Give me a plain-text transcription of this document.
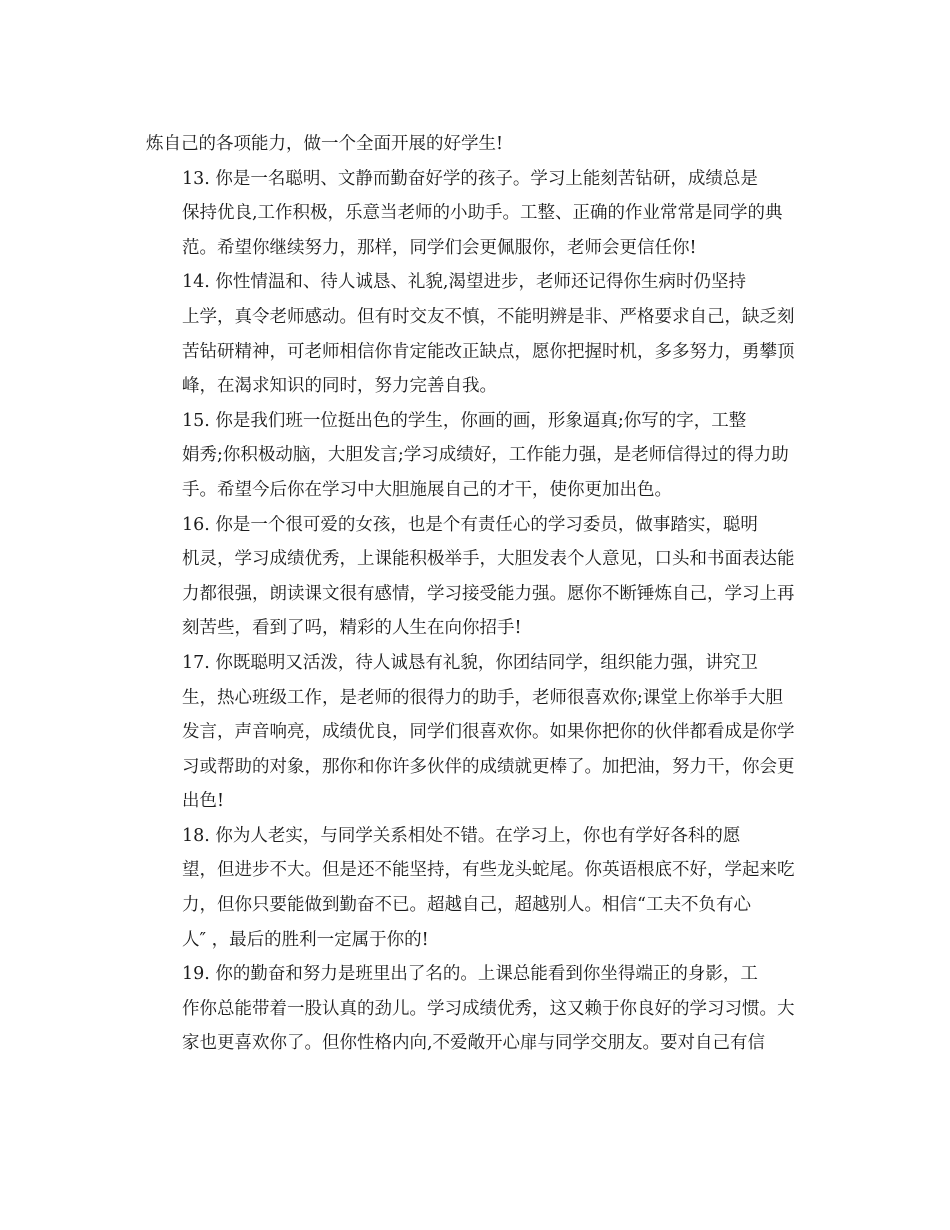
炼自己的各项能力，做一个全面开展的好学生!

13. 你是一名聪明、文静而勤奋好学的孩子。学习上能刻苦钻研，成绩总是
保持优良,工作积极，乐意当老师的小助手。工整、正确的作业常常是同学的典
范。希望你继续努力，那样，同学们会更佩服你，老师会更信任你!

14. 你性情温和、待人诚恳、礼貌,渴望进步，老师还记得你生病时仍坚持
上学，真令老师感动。但有时交友不慎，不能明辨是非、严格要求自己，缺乏刻
苦钻研精神，可老师相信你肯定能改正缺点，愿你把握时机，多多努力，勇攀顶
峰，在渴求知识的同时，努力完善自我。

15. 你是我们班一位挺出色的学生，你画的画，形象逼真;你写的字，工整
娟秀;你积极动脑，大胆发言;学习成绩好，工作能力强，是老师信得过的得力助
手。希望今后你在学习中大胆施展自己的才干，使你更加出色。

16. 你是一个很可爱的女孩，也是个有责任心的学习委员，做事踏实，聪明
机灵，学习成绩优秀，上课能积极举手，大胆发表个人意见，口头和书面表达能
力都很强，朗读课文很有感情，学习接受能力强。愿你不断锤炼自己，学习上再
刻苦些，看到了吗，精彩的人生在向你招手!

17. 你既聪明又活泼，待人诚恳有礼貌，你团结同学，组织能力强，讲究卫
生，热心班级工作，是老师的很得力的助手，老师很喜欢你;课堂上你举手大胆
发言，声音响亮，成绩优良，同学们很喜欢你。如果你把你的伙伴都看成是你学
习或帮助的对象，那你和你许多伙伴的成绩就更棒了。加把油，努力干，你会更
出色!

18. 你为人老实，与同学关系相处不错。在学习上，你也有学好各科的愿
望，但进步不大。但是还不能坚持，有些龙头蛇尾。你英语根底不好，学起来吃
力，但你只要能做到勤奋不已。超越自己，超越别人。相信“工夫不负有心
人″ ，最后的胜利一定属于你的!

19. 你的勤奋和努力是班里出了名的。上课总能看到你坐得端正的身影，工
作你总能带着一股认真的劲儿。学习成绩优秀，这又赖于你良好的学习习惯。大
家也更喜欢你了。但你性格内向,不爱敞开心扉与同学交朋友。要对自己有信
